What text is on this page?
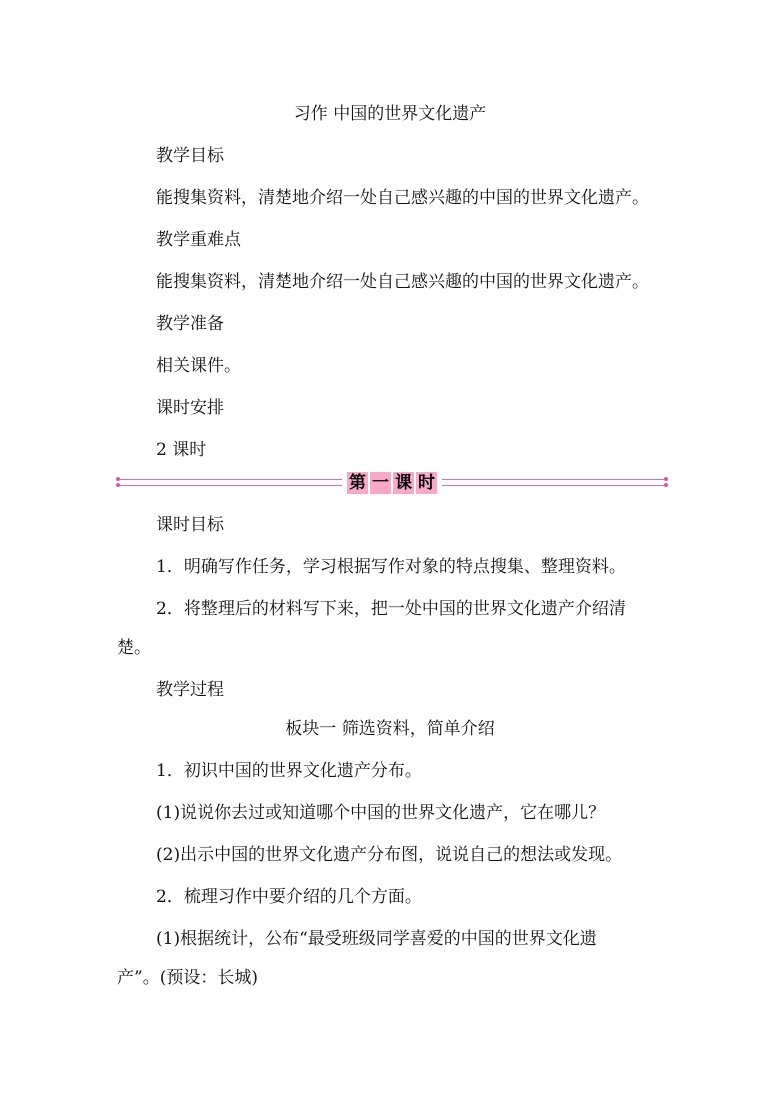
习作 中国的世界文化遗产
教学目标
能搜集资料，清楚地介绍一处自己感兴趣的中国的世界文化遗产。
教学重难点
能搜集资料，清楚地介绍一处自己感兴趣的中国的世界文化遗产。
教学准备
相关课件。
课时安排
2 课时
第 一 课 时
课时目标
1．明确写作任务，学习根据写作对象的特点搜集、整理资料。
2．将整理后的材料写下来，把一处中国的世界文化遗产介绍清
楚。
教学过程
板块一 筛选资料，简单介绍
1．初识中国的世界文化遗产分布。
(1)说说你去过或知道哪个中国的世界文化遗产，它在哪儿？
(2)出示中国的世界文化遗产分布图，说说自己的想法或发现。
2．梳理习作中要介绍的几个方面。
(1)根据统计，公布“最受班级同学喜爱的中国的世界文化遗
产”。(预设：长城)
